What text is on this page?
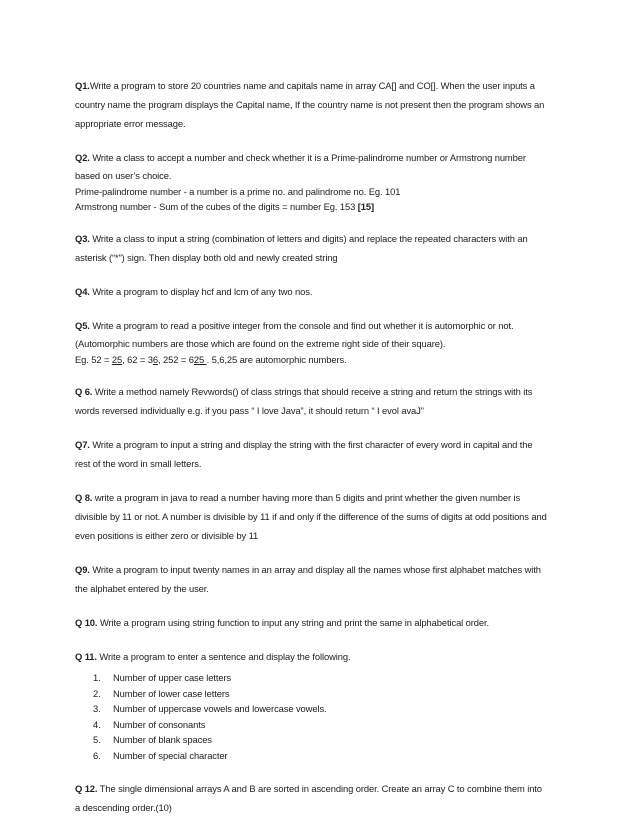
Q1.Write a program to store 20 countries name and capitals name in array CA[] and CO[]. When the user inputs a

country name the program displays the Capital name, If the country name is not present then the program shows an

appropriate error message.

Q2. Write a class to accept a number and check whether it is a Prime-palindrome number or Armstrong number

based on user’s choice.

Prime-palindrome number - a number is a prime no. and palindrome no. Eg. 101

Armstrong number - Sum of the cubes of the digits = number Eg. 153 [15]

Q3. Write a class to input a string (combination of letters and digits) and replace the repeated characters with an

asterisk (“*”) sign. Then display both old and newly created string

Q4. Write a program to display hcf and lcm of any two nos.

Q5. Write a program to read a positive integer from the console and find out whether it is automorphic or not.

(Automorphic numbers are those which are found on the extreme right side of their square).

Eg. 52 = 25, 62 = 36, 252 = 625 . 5,6,25 are automorphic numbers.

Q 6. Write a method namely Revwords() of class strings that should receive a string and return the strings with its

words reversed individually e.g. if you pass “ I love Java”, it should return “ I evol avaJ”

Q7. Write a program to input a string and display the string with the first character of every word in capital and the

rest of the word in small letters.

Q 8. write a program in java to read a number having more than 5 digits and print whether the given number is

divisible by 11 or not. A number is divisible by 11 if and only if the difference of the sums of digits at odd positions and

even positions is either zero or divisible by 11

Q9. Write a program to input twenty names in an array and display all the names whose first alphabet matches with

the alphabet entered by the user.

Q 10. Write a program using string function to input any string and print the same in alphabetical order.

Q 11. Write a program to enter a sentence and display the following.

1.	Number of upper case letters
2.	Number of lower case letters
3.	Number of uppercase vowels and lowercase vowels.
4.	Number of consonants
5.	Number of blank spaces
6.	Number of special character

Q 12. The single dimensional arrays A and B are sorted in ascending order. Create an array C to combine them into

a descending order.(10)
